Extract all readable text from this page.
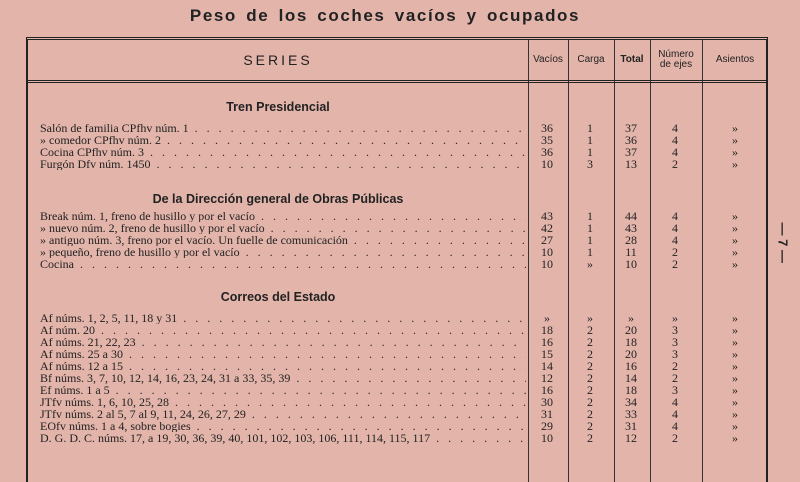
Peso de los coches vacíos y ocupados
SERIES	Vacíos	Carga	Total	Número
de ejes	Asientos
Tren Presidencial
Salón de familia CPfhv núm. 1 . . .	36	1	37	4	»
» comedor CPfhv núm. 2 . . .	35	1	36	4	»
Cocina CPfhv núm. 3 . . .	36	1	37	4	»
Furgón Dfv núm. 1450 . . .	10	3	13	2	»
De la Dirección general de Obras Públicas
Break núm. 1, freno de husillo y por el vacío . . .	43	1	44	4	»
» nuevo núm. 2, freno de husillo y por el vacío . . .	42	1	43	4	»
» antiguo núm. 3, freno por el vacío. Un fuelle de comunicación . . .	27	1	28	4	»
» pequeño, freno de husillo y por el vacío . . .	10	1	11	2	»
Cocina . . .	10	»	10	2	»
Correos del Estado
Af núms. 1, 2, 5, 11, 18 y 31 . . .	»	»	»	»	»
Af núm. 20 . . .	18	2	20	3	»
Af núms. 21, 22, 23 . . .	16	2	18	3	»
Af núms. 25 a 30 . . .	15	2	20	3	»
Af núms. 12 a 15 . . .	14	2	16	2	»
Bf núms. 3, 7, 10, 12, 14, 16, 23, 24, 31 a 33, 35, 39 . . .	12	2	14	2	»
Ef núms. 1 a 5 . . .	16	2	18	3	»
JTfv núms. 1, 6, 10, 25, 28 . . .	30	2	34	4	»
JTfv núms. 2 al 5, 7 al 9, 11, 24, 26, 27, 29 . . .	31	2	33	4	»
EOfv núms. 1 a 4, sobre bogies . . .	29	2	31	4	»
D. G. D. C. núms. 17, a 19, 30, 36, 39, 40, 101, 102, 103, 106, 111, 114, 115, 117 . . .	10	2	12	2	»
— 7 —
